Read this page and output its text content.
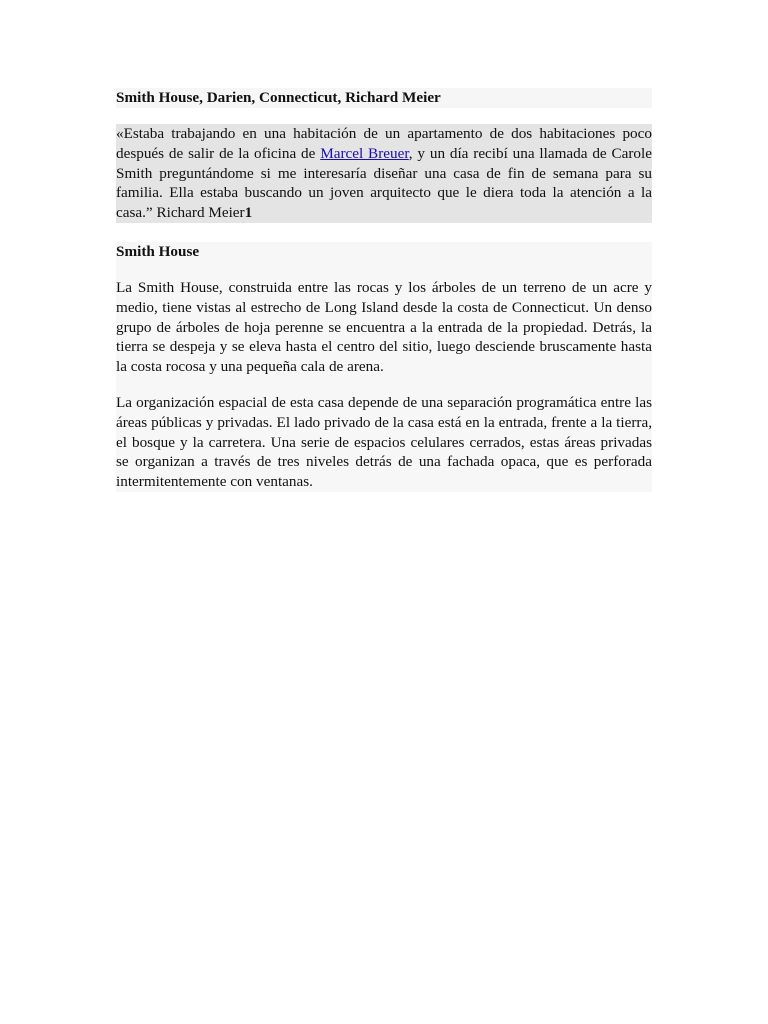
Smith House, Darien, Connecticut, Richard Meier
«Estaba trabajando en una habitación de un apartamento de dos habitaciones poco después de salir de la oficina de Marcel Breuer, y un día recibí una llamada de Carole Smith preguntándome si me interesaría diseñar una casa de fin de semana para su familia. Ella estaba buscando un joven arquitecto que le diera toda la atención a la casa.” Richard Meier1
Smith House
La Smith House, construida entre las rocas y los árboles de un terreno de un acre y medio, tiene vistas al estrecho de Long Island desde la costa de Connecticut. Un denso grupo de árboles de hoja perenne se encuentra a la entrada de la propiedad. Detrás, la tierra se despeja y se eleva hasta el centro del sitio, luego desciende bruscamente hasta la costa rocosa y una pequeña cala de arena.
La organización espacial de esta casa depende de una separación programática entre las áreas públicas y privadas. El lado privado de la casa está en la entrada, frente a la tierra, el bosque y la carretera. Una serie de espacios celulares cerrados, estas áreas privadas se organizan a través de tres niveles detrás de una fachada opaca, que es perforada intermitentemente con ventanas.
